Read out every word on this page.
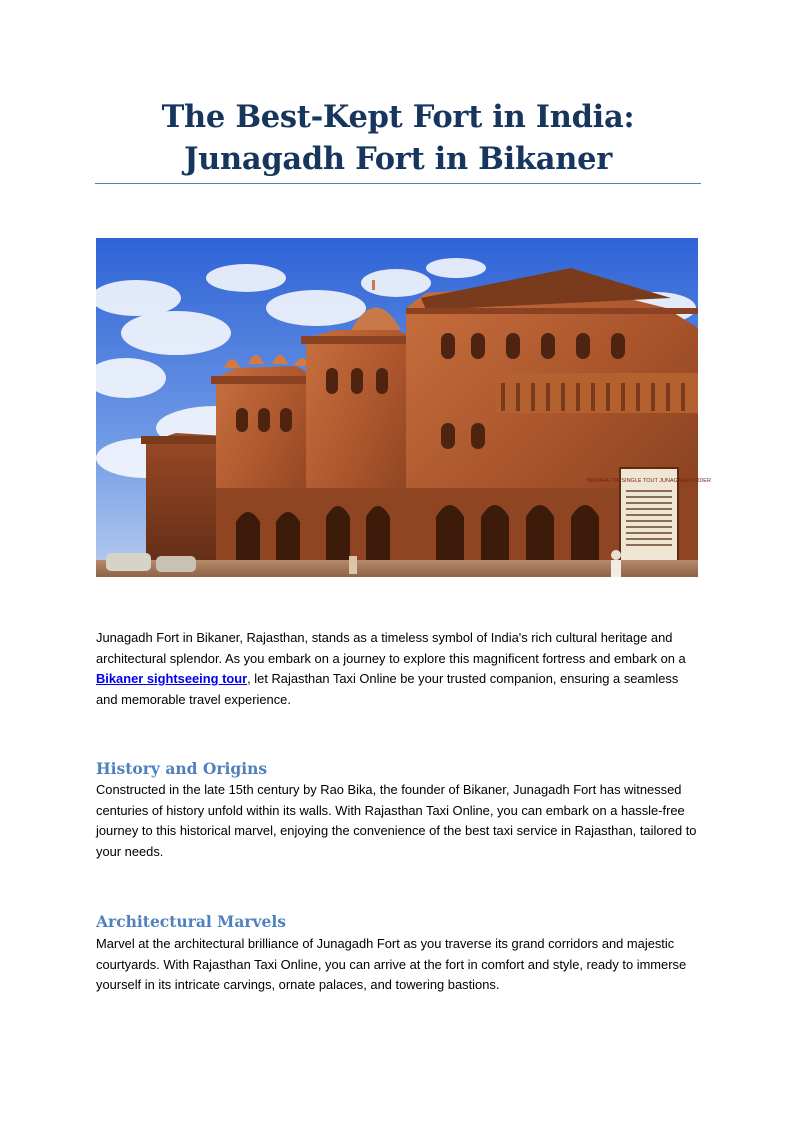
The Best-Kept Fort in India:
Junagadh Fort in Bikaner
BEWARE OF SINGLE TOUT JUNAGARH ORDER

Junagadh Fort in Bikaner, Rajasthan, stands as a timeless symbol of India's rich cultural heritage and architectural splendor. As you embark on a journey to explore this magnificent fortress and embark on a Bikaner sightseeing tour, let Rajasthan Taxi Online be your trusted companion, ensuring a seamless and memorable travel experience.

History and Origins

Constructed in the late 15th century by Rao Bika, the founder of Bikaner, Junagadh Fort has witnessed centuries of history unfold within its walls. With Rajasthan Taxi Online, you can embark on a hassle-free journey to this historical marvel, enjoying the convenience of the best taxi service in Rajasthan, tailored to your needs.

Architectural Marvels

Marvel at the architectural brilliance of Junagadh Fort as you traverse its grand corridors and majestic courtyards. With Rajasthan Taxi Online, you can arrive at the fort in comfort and style, ready to immerse yourself in its intricate carvings, ornate palaces, and towering bastions.
